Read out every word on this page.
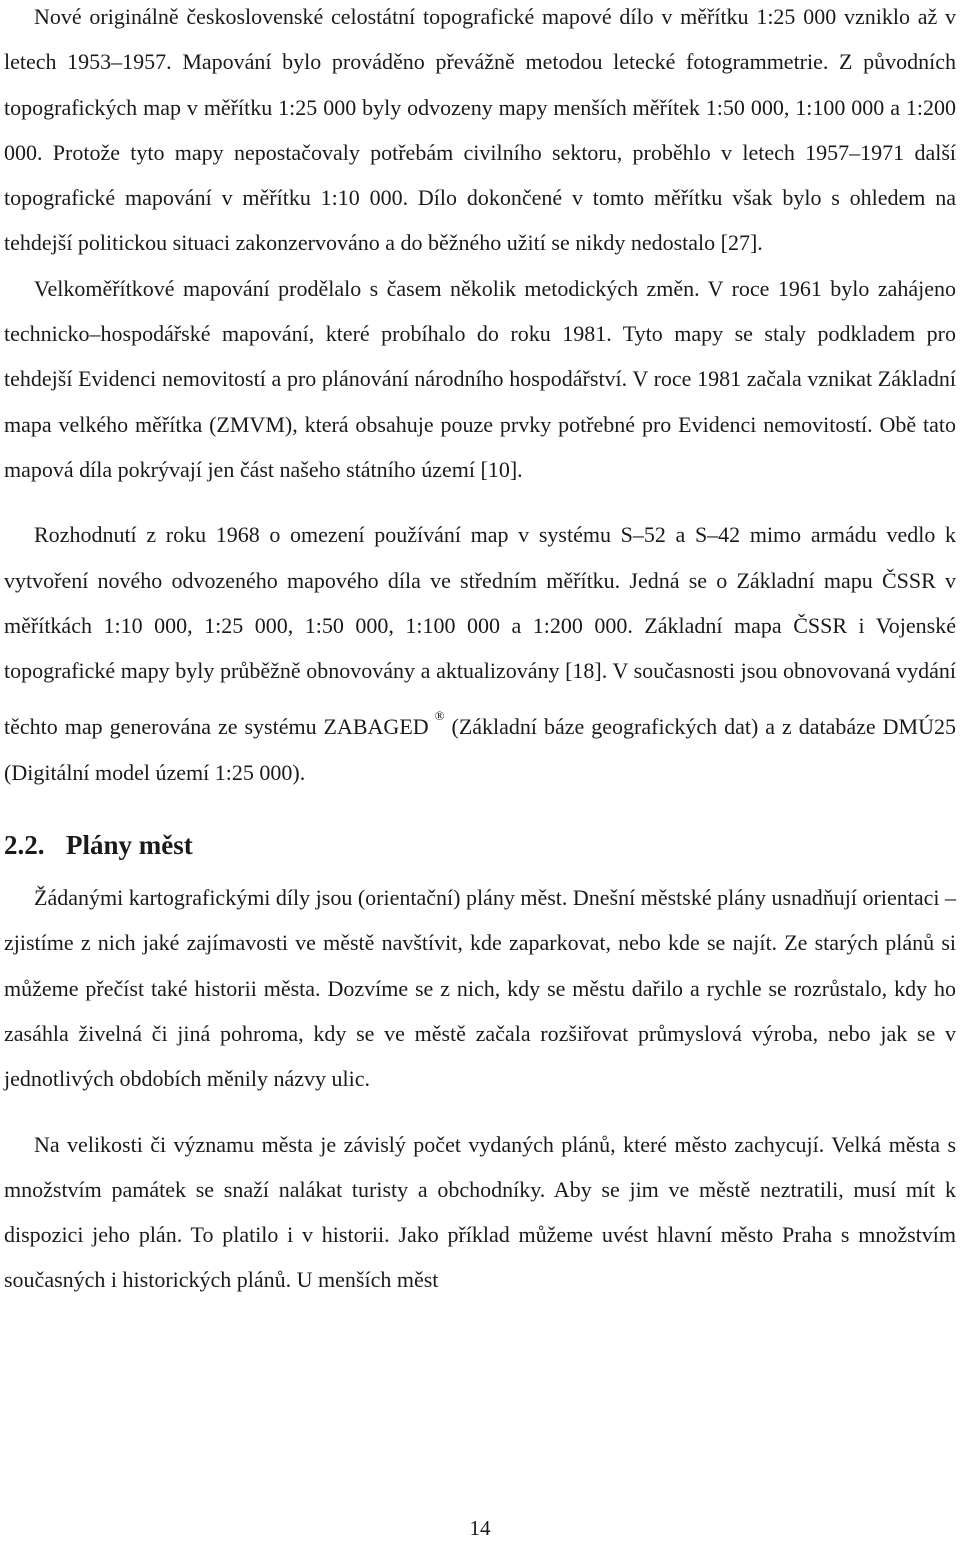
Nové originálně československé celostátní topografické mapové dílo v měřítku 1:25 000 vzniklo až v letech 1953–1957. Mapování bylo prováděno převážně metodou letecké fotogrammetrie. Z původních topografických map v měřítku 1:25 000 byly odvozeny mapy menších měřítek 1:50 000, 1:100 000 a 1:200 000. Protože tyto mapy nepostačovaly potřebám civilního sektoru, proběhlo v letech 1957–1971 další topografické mapování v měřítku 1:10 000. Dílo dokončené v tomto měřítku však bylo s ohledem na tehdejší politickou situaci zakonzervováno a do běžného užití se nikdy nedostalo [27].

Velkoměřítkové mapování prodělalo s časem několik metodických změn. V roce 1961 bylo zahájeno technicko–hospodářské mapování, které probíhalo do roku 1981. Tyto mapy se staly podkladem pro tehdejší Evidenci nemovitostí a pro plánování národního hospodářství. V roce 1981 začala vznikat Základní mapa velkého měřítka (ZMVM), která obsahuje pouze prvky potřebné pro Evidenci nemovitostí. Obě tato mapová díla pokrývají jen část našeho státního území [10].

Rozhodnutí z roku 1968 o omezení používání map v systému S–52 a S–42 mimo armádu vedlo k vytvoření nového odvozeného mapového díla ve středním měřítku. Jedná se o Základní mapu ČSSR v měřítkách 1:10 000, 1:25 000, 1:50 000, 1:100 000 a 1:200 000. Základní mapa ČSSR i Vojenské topografické mapy byly průběžně obnovovány a aktualizovány [18]. V současnosti jsou obnovovaná vydání těchto map generována ze systému ZABAGED ® (Základní báze geografických dat) a z databáze DMÚ25 (Digitální model území 1:25 000).

2.2. Plány měst

Žádanými kartografickými díly jsou (orientační) plány měst. Dnešní městské plány usnadňují orientaci – zjistíme z nich jaké zajímavosti ve městě navštívit, kde zaparkovat, nebo kde se najít. Ze starých plánů si můžeme přečíst také historii města. Dozvíme se z nich, kdy se městu dařilo a rychle se rozrůstalo, kdy ho zasáhla živelná či jiná pohroma, kdy se ve městě začala rozšiřovat průmyslová výroba, nebo jak se v jednotlivých obdobích měnily názvy ulic.

Na velikosti či významu města je závislý počet vydaných plánů, které město zachycují. Velká města s množstvím památek se snaží nalákat turisty a obchodníky. Aby se jim ve městě neztratili, musí mít k dispozici jeho plán. To platilo i v historii. Jako příklad můžeme uvést hlavní město Praha s množstvím současných i historických plánů. U menších měst

14
